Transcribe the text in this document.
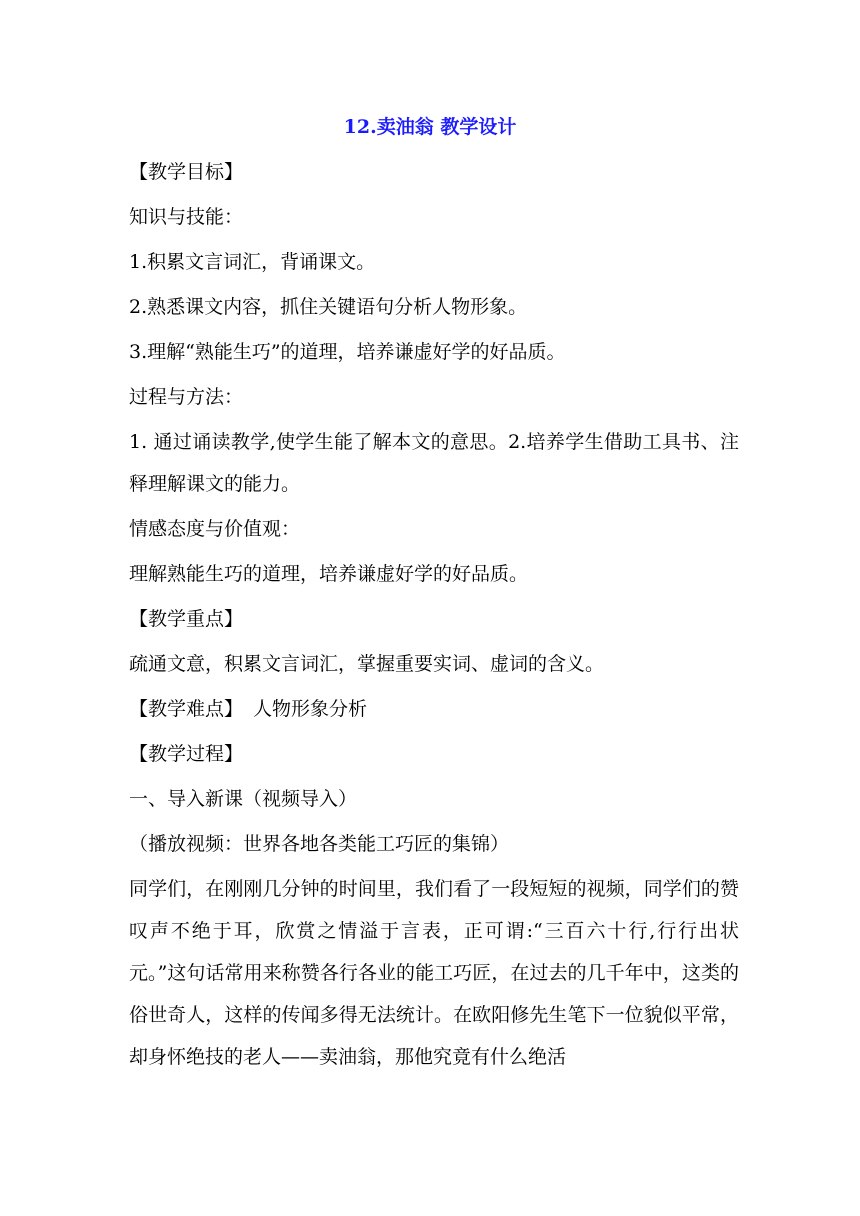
12.卖油翁 教学设计
【教学目标】
知识与技能：
1.积累文言词汇，背诵课文。
2.熟悉课文内容，抓住关键语句分析人物形象。
3.理解“熟能生巧”的道理，培养谦虚好学的好品质。
过程与方法：
1. 通过诵读教学,使学生能了解本文的意思。2.培养学生借助工具书、注释理解课文的能力。
情感态度与价值观：
理解熟能生巧的道理，培养谦虚好学的好品质。
【教学重点】
疏通文意，积累文言词汇，掌握重要实词、虚词的含义。
【教学难点】 人物形象分析
【教学过程】
一、导入新课（视频导入）
（播放视频：世界各地各类能工巧匠的集锦）
同学们，在刚刚几分钟的时间里，我们看了一段短短的视频，同学们的赞叹声不绝于耳，欣赏之情溢于言表，正可谓:“三百六十行,行行出状元。”这句话常用来称赞各行各业的能工巧匠，在过去的几千年中，这类的俗世奇人，这样的传闻多得无法统计。在欧阳修先生笔下一位貌似平常，却身怀绝技的老人——卖油翁，那他究竟有什么绝活
